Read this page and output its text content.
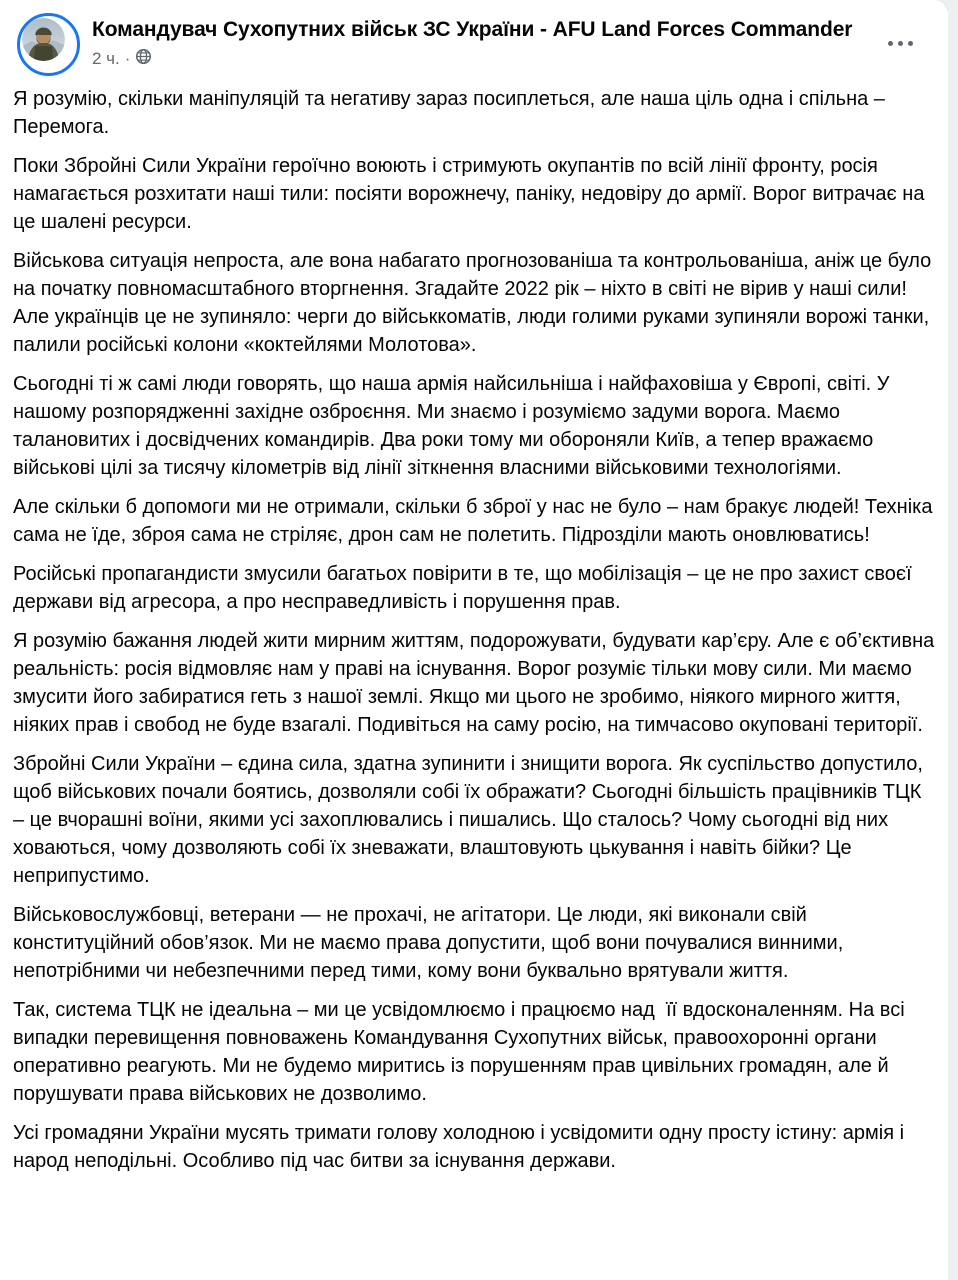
Командувач Сухопутних військ ЗС України - AFU Land Forces Commander
2 ч. ·

Я розумію, скільки маніпуляцій та негативу зараз посиплеться, але наша ціль одна і спільна – Перемога.

Поки Збройні Сили України героїчно воюють і стримують окупантів по всій лінії фронту, росія намагається розхитати наші тили: посіяти ворожнечу, паніку, недовіру до армії. Ворог витрачає на це шалені ресурси.

Військова ситуація непроста, але вона набагато прогнозованіша та контрольованіша, аніж це було на початку повномасштабного вторгнення. Згадайте 2022 рік – ніхто в світі не вірив у наші сили! Але українців це не зупиняло: черги до військкоматів, люди голими руками зупиняли ворожі танки, палили російські колони «коктейлями Молотова».

Сьогодні ті ж самі люди говорять, що наша армія найсильніша і найфаховіша у Європі, світі. У нашому розпорядженні західне озброєння. Ми знаємо і розуміємо задуми ворога. Маємо талановитих і досвідчених командирів. Два роки тому ми обороняли Київ, а тепер вражаємо військові цілі за тисячу кілометрів від лінії зіткнення власними військовими технологіями.

Але скільки б допомоги ми не отримали, скільки б зброї у нас не було – нам бракує людей! Техніка сама не їде, зброя сама не стріляє, дрон сам не полетить. Підрозділи мають оновлюватись!

Російські пропагандисти змусили багатьох повірити в те, що мобілізація – це не про захист своєї держави від агресора, а про несправедливість і порушення прав.

Я розумію бажання людей жити мирним життям, подорожувати, будувати кар’єру. Але є об’єктивна реальність: росія відмовляє нам у праві на існування. Ворог розуміє тільки мову сили. Ми маємо змусити його забиратися геть з нашої землі. Якщо ми цього не зробимо, ніякого мирного життя, ніяких прав і свобод не буде взагалі. Подивіться на саму росію, на тимчасово окуповані території.

Збройні Сили України – єдина сила, здатна зупинити і знищити ворога. Як суспільство допустило, щоб військових почали боятись, дозволяли собі їх ображати? Сьогодні більшість працівників ТЦК – це вчорашні воїни, якими усі захоплювались і пишались. Що сталось? Чому сьогодні від них ховаються, чому дозволяють собі їх зневажати, влаштовують цькування і навіть бійки? Це неприпустимо.

Військовослужбовці, ветерани — не прохачі, не агітатори. Це люди, які виконали свій конституційний обов’язок. Ми не маємо права допустити, щоб вони почувалися винними, непотрібними чи небезпечними перед тими, кому вони буквально врятували життя.

Так, система ТЦК не ідеальна – ми це усвідомлюємо і працюємо над  її вдосконаленням. На всі випадки перевищення повноважень Командування Сухопутних військ, правоохоронні органи оперативно реагують. Ми не будемо миритись із порушенням прав цивільних громадян, але й порушувати права військових не дозволимо.

Усі громадяни України мусять тримати голову холодною і усвідомити одну просту істину: армія і народ неподільні. Особливо під час битви за існування держави.
